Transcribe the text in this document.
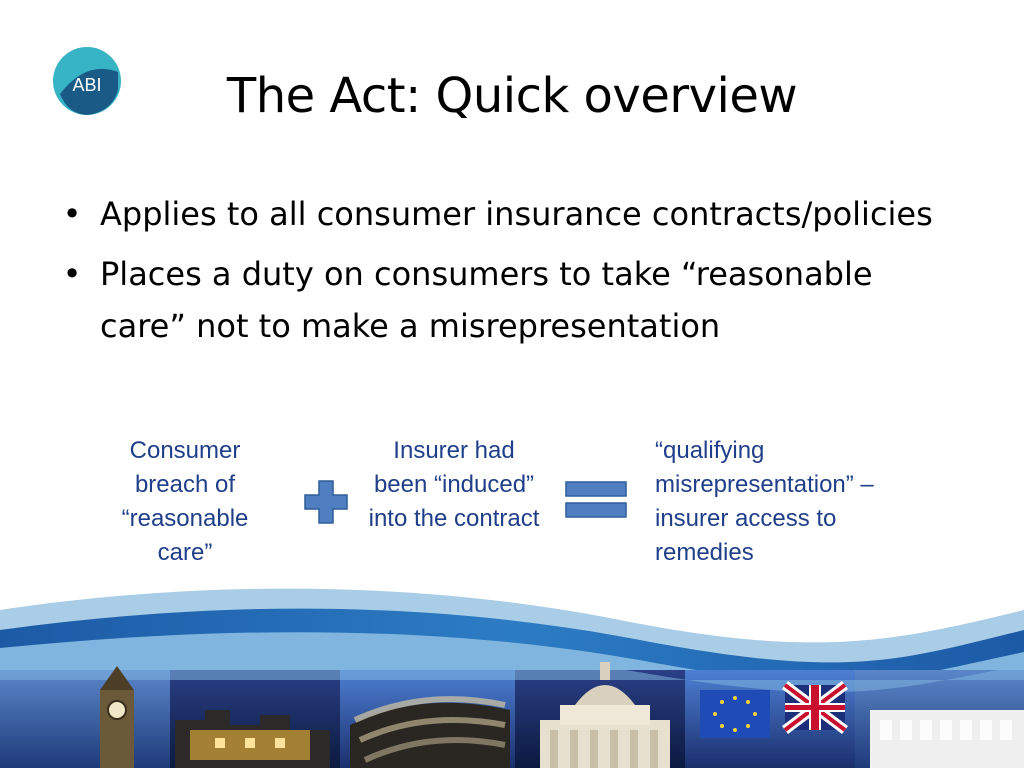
ABI	The Act: Quick overview
• Applies to all consumer insurance contracts/policies
• Places a duty on consumers to take “reasonable care” not to make a misrepresentation
Consumer breach of “reasonable care”
Insurer had been “induced” into the contract
“qualifying misrepresentation” – insurer access to remedies
